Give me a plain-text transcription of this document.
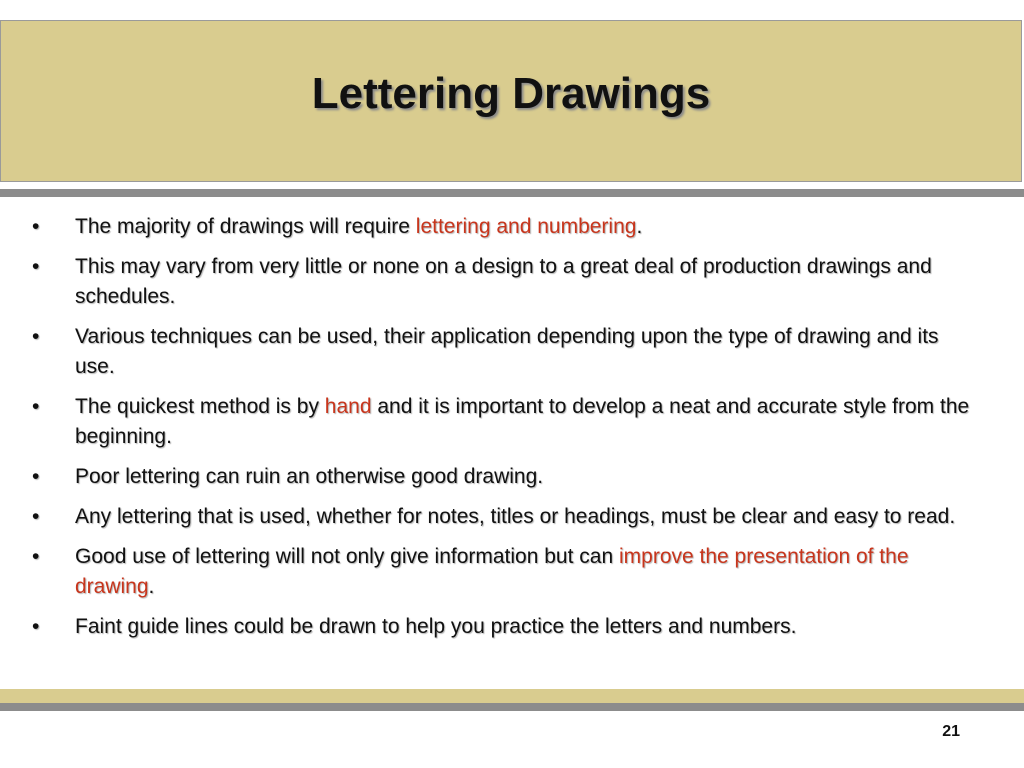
Lettering Drawings
•	The majority of drawings will require lettering and numbering.
•	This may vary from very little or none on a design to a great deal of production drawings and schedules.
•	Various techniques can be used, their application depending upon the type of drawing and its use.
•	The quickest method is by hand and it is important to develop a neat and accurate style from the beginning.
•	Poor lettering can ruin an otherwise good drawing.
•	Any lettering that is used, whether for notes, titles or headings, must be clear and easy to read.
•	Good use of lettering will not only give information but can improve the presentation of the drawing.
•	Faint guide lines could be drawn to help you practice the letters and numbers.
21
